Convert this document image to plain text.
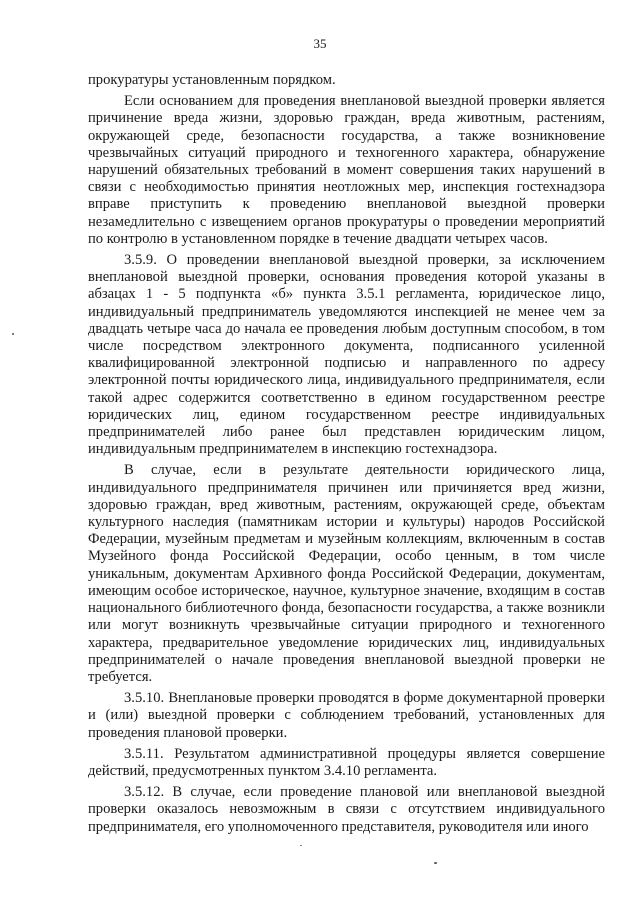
35

прокуратуры установленным порядком.

Если основанием для проведения внеплановой выездной проверки является причинение вреда жизни, здоровью граждан, вреда животным, растениям, окружающей среде, безопасности государства, а также возникновение чрезвычайных ситуаций природного и техногенного характера, обнаружение нарушений обязательных требований в момент совершения таких нарушений в связи с необходимостью принятия неотложных мер, инспекция гостехнадзора вправе приступить к проведению внеплановой выездной проверки незамедлительно с извещением органов прокуратуры о проведении мероприятий по контролю в установленном порядке в течение двадцати четырех часов.

3.5.9. О проведении внеплановой выездной проверки, за исключением внеплановой выездной проверки, основания проведения которой указаны в абзацах 1 - 5 подпункта «б» пункта 3.5.1 регламента, юридическое лицо, индивидуальный предприниматель уведомляются инспекцией не менее чем за двадцать четыре часа до начала ее проведения любым доступным способом, в том числе посредством электронного документа, подписанного усиленной квалифицированной электронной подписью и направленного по адресу электронной почты юридического лица, индивидуального предпринимателя, если такой адрес содержится соответственно в едином государственном реестре юридических лиц, едином государственном реестре индивидуальных предпринимателей либо ранее был представлен юридическим лицом, индивидуальным предпринимателем в инспекцию гостехнадзора.

В случае, если в результате деятельности юридического лица, индивидуального предпринимателя причинен или причиняется вред жизни, здоровью граждан, вред животным, растениям, окружающей среде, объектам культурного наследия (памятникам истории и культуры) народов Российской Федерации, музейным предметам и музейным коллекциям, включенным в состав Музейного фонда Российской Федерации, особо ценным, в том числе уникальным, документам Архивного фонда Российской Федерации, документам, имеющим особое историческое, научное, культурное значение, входящим в состав национального библиотечного фонда, безопасности государства, а также возникли или могут возникнуть чрезвычайные ситуации природного и техногенного характера, предварительное уведомление юридических лиц, индивидуальных предпринимателей о начале проведения внеплановой выездной проверки не требуется.

3.5.10. Внеплановые проверки проводятся в форме документарной проверки и (или) выездной проверки с соблюдением требований, установленных для проведения плановой проверки.

3.5.11. Результатом административной процедуры является совершение действий, предусмотренных пунктом 3.4.10 регламента.

3.5.12. В случае, если проведение плановой или внеплановой выездной проверки оказалось невозможным в связи с отсутствием индивидуального предпринимателя, его уполномоченного представителя, руководителя или иного
